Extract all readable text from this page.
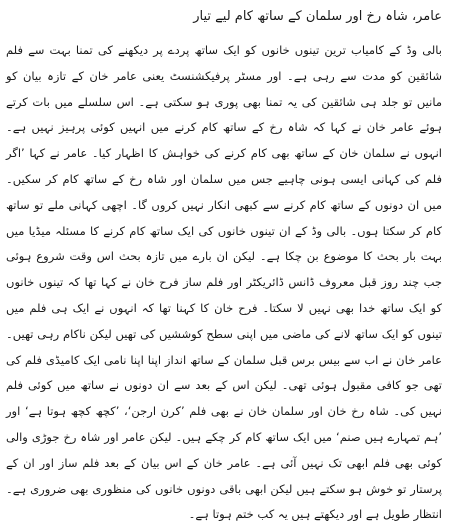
عامر، شاہ رخ اور سلمان کے ساتھ کام لیے تیار

بالی وڈ کے کامیاب ترین تینوں خانوں کو ایک ساتھ پردے پر دیکھنے کی تمنا بہت سے فلم شائقین کو مدت سے رہی ہے۔ اور مسٹر پرفیکشنسٹ یعنی عامر خان کے تازہ بیان کو مانیں تو جلد ہی شائقین کی یہ تمنا بھی پوری ہو سکتی ہے۔ اس سلسلے میں بات کرتے ہوئے عامر خان نے کہا کہ شاہ رخ کے ساتھ کام کرنے میں انہیں کوئی پرہیز نہیں ہے۔ انہوں نے سلمان خان کے ساتھ بھی کام کرنے کی خواہش کا اظہار کیا۔ عامر نے کہا ’اگر فلم کی کہانی ایسی ہونی چاہیے جس میں سلمان اور شاہ رخ کے ساتھ کام کر سکیں۔ میں ان دونوں کے ساتھ کام کرنے سے کبھی انکار نہیں کروں گا۔ اچھی کہانی ملے تو ساتھ کام کر سکتا ہوں۔ بالی وڈ کے ان تینوں خانوں کی ایک ساتھ کام کرنے کا مسئلہ میڈیا میں بہت بار بحث کا موضوع بن چکا ہے۔ لیکن ان بارے میں تازہ بحث اس وقت شروع ہوئی جب چند روز قبل معروف ڈانس ڈائریکٹر اور فلم ساز فرح خان نے کہا تھا کہ تینوں خانوں کو ایک ساتھ خدا بھی نہیں لا سکتا۔ فرح خان کا کہنا تھا کہ انہوں نے ایک ہی فلم میں تینوں کو ایک ساتھ لانے کی ماضی میں اپنی سطح کوششیں کی تھیں لیکن ناکام رہی تھیں۔ عامر خان نے اب سے بیس برس قبل سلمان کے ساتھ انداز اپنا اپنا نامی ایک کامیڈی فلم کی تھی جو کافی مقبول ہوئی تھی۔ لیکن اس کے بعد سے ان دونوں نے ساتھ میں کوئی فلم نہیں کی۔ شاہ رخ خان اور سلمان خان نے بھی فلم ’کرن ارجن‘، ’کچھ کچھ ہوتا ہے‘ اور ’ہم تمہارے ہیں صنم‘ میں ایک ساتھ کام کر چکے ہیں۔ لیکن عامر اور شاہ رخ جوڑی والی کوئی بھی فلم ابھی تک نہیں آئی ہے۔ عامر خان کے اس بیان کے بعد فلم ساز اور ان کے پرستار تو خوش ہو سکتے ہیں لیکن ابھی باقی دونوں خانوں کی منظوری بھی ضروری ہے۔ انتظار طویل ہے اور دیکھتے ہیں یہ کب ختم ہوتا ہے۔
